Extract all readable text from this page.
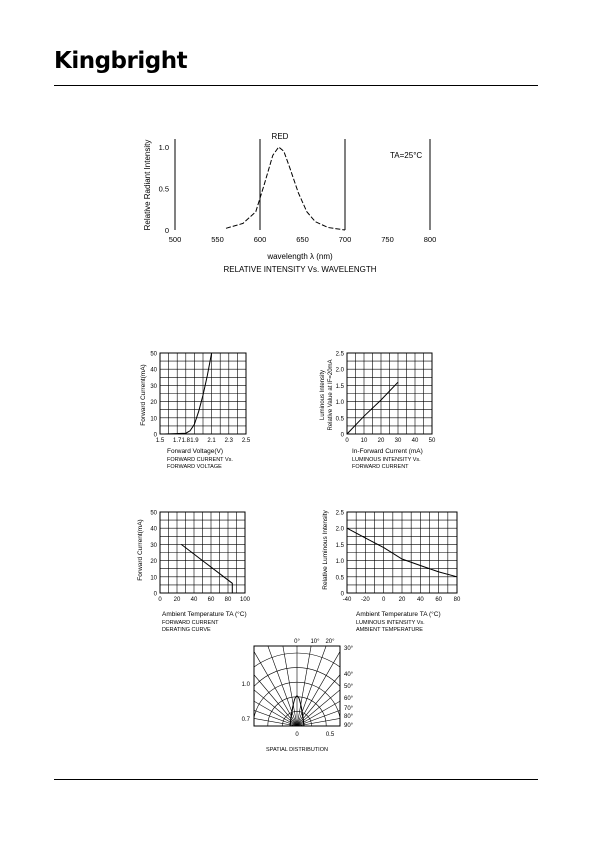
Kingbright
Relative Radiant Intensity
RED
TA=25°C
wavelength λ (nm)
RELATIVE INTENSITY Vs. WAVELENGTH
500	550	600	650	700	750	800
1.0
0.5
0
1.5 1.7 1.9 2.1 2.3 2.5
50
40
30
20
10
0
1.8
Forward Current(mA)
Forward Voltage(V)
FORWARD CURRENT Vs.
FORWARD VOLTAGE
0 10 20 30 40 50
2.5
2.0
1.5
1.0
0.5
0
Luminous Intensity Relative Value at IF=20mA
In-Forward Current (mA)
LUMINOUS INTENSITY Vs.
FORWARD CURRENT
0 20 40 60 80 100
50
40
30
20
10
0
Forward Current(mA)
Ambient Temperature TA (°C)
FORWARD CURRENT
DERATING CURVE
-40 -20 0 20 40 60 80
2.5
2.0
1.5
1.0
0.5
0
Relative Luminous Intensity
Ambient Temperature TA (°C)
LUMINOUS INTENSITY Vs.
AMBIENT TEMPERATURE
0° 10° 20°
30°
40°
50°
60°
70°
80°
90°
1.0
0.7
0	0.5
SPATIAL DISTRIBUTION
